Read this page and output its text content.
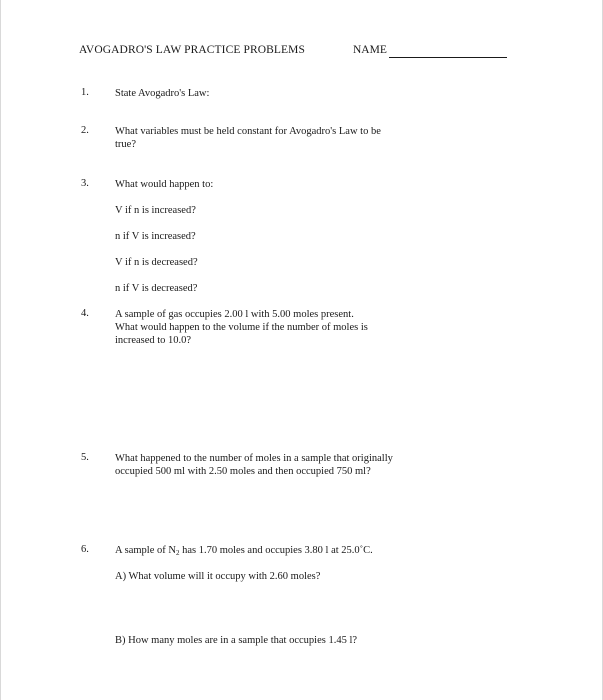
AVOGADRO'S LAW PRACTICE PROBLEMS	NAME
1. State Avogadro's Law:
2. What variables must be held constant for Avogadro's Law to be
true?
3. What would happen to:
V if n is increased?
n if V is increased?
V if n is decreased?
n if V is decreased?
4. A sample of gas occupies 2.00 l with 5.00 moles present.
What would happen to the volume if the number of moles is
increased to 10.0?
5. What happened to the number of moles in a sample that originally
occupied 500 ml with 2.50 moles and then occupied 750 ml?
6. A sample of $N_2$ has 1.70 moles and occupies 3.80 l at 25.0˚C.
A) What volume will it occupy with 2.60 moles?
B) How many moles are in a sample that occupies 1.45 l?
